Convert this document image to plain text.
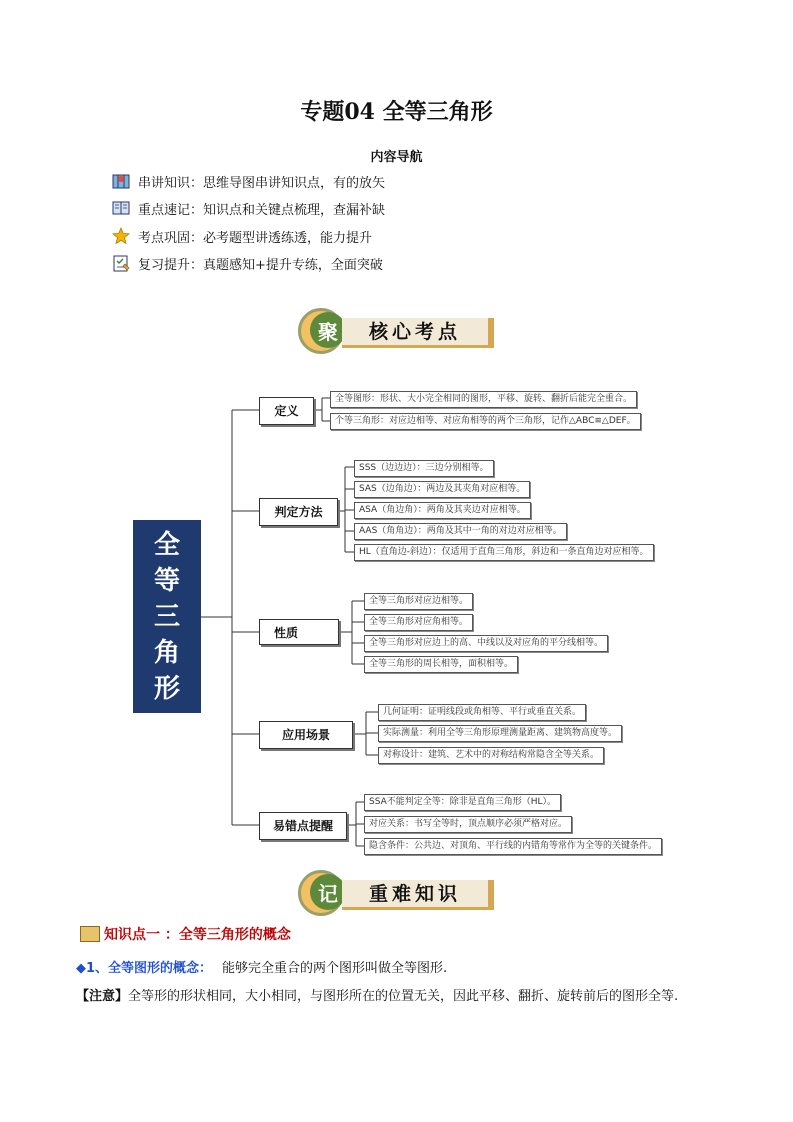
专题04 全等三角形
内容导航
串讲知识： 思维导图串讲知识点，有的放矢
重点速记： 知识点和关键点梳理，查漏补缺
考点巩固： 必考题型讲透练透，能力提升
复习提升： 真题感知+提升专练，全面突破
聚	核心考点
全
等
三
角
形
定义
判定方法
性质
应用场景
易错点提醒
全等图形：形状、大小完全相同的图形，平移、旋转、翻折后能完全重合。
个等三角形：对应边相等、对应角相等的两个三角形，记作△ABC≌△DEF。
SSS（边边边）：三边分别相等。
SAS（边角边）：两边及其夹角对应相等。
ASA（角边角）：两角及其夹边对应相等。
AAS（角角边）：两角及其中一角的对边对应相等。
HL（直角边-斜边）：仅适用于直角三角形，斜边和一条直角边对应相等。
全等三角形对应边相等。
全等三角形对应角相等。
全等三角形对应边上的高、中线以及对应角的平分线相等。
全等三角形的周长相等，面积相等。
几何证明：证明线段或角相等、平行或垂直关系。
实际测量：利用全等三角形原理测量距离、建筑物高度等。
对称设计：建筑、艺术中的对称结构常隐含全等关系。
SSA不能判定全等：除非是直角三角形（HL）。
对应关系：书写全等时，顶点顺序必须严格对应。
隐含条件：公共边、对顶角、平行线的内错角等常作为全等的关键条件。
记	重难知识
知识点一 ：全等三角形的概念
◆1、全等图形的概念： 能够完全重合的两个图形叫做全等图形.
【注意】全等形的形状相同，大小相同，与图形所在的位置无关，因此平移、翻折、旋转前后的图形全等.
